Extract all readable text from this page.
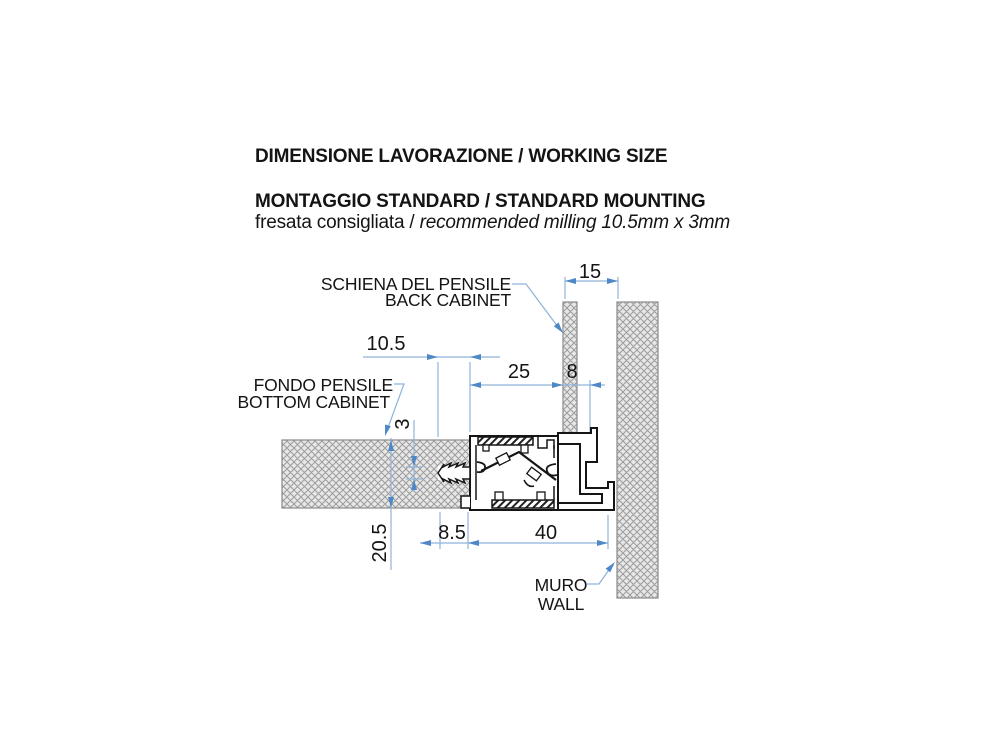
DIMENSIONE LAVORAZIONE / WORKING SIZE
MONTAGGIO STANDARD / STANDARD MOUNTING
fresata consigliata / recommended milling 10.5mm x 3mm
15
10.5
25 8
3
20.5 8.5	40
SCHIENA DEL PENSILE
BACK CABINET
FONDO PENSILE
BOTTOM CABINET
MURO
WALL
